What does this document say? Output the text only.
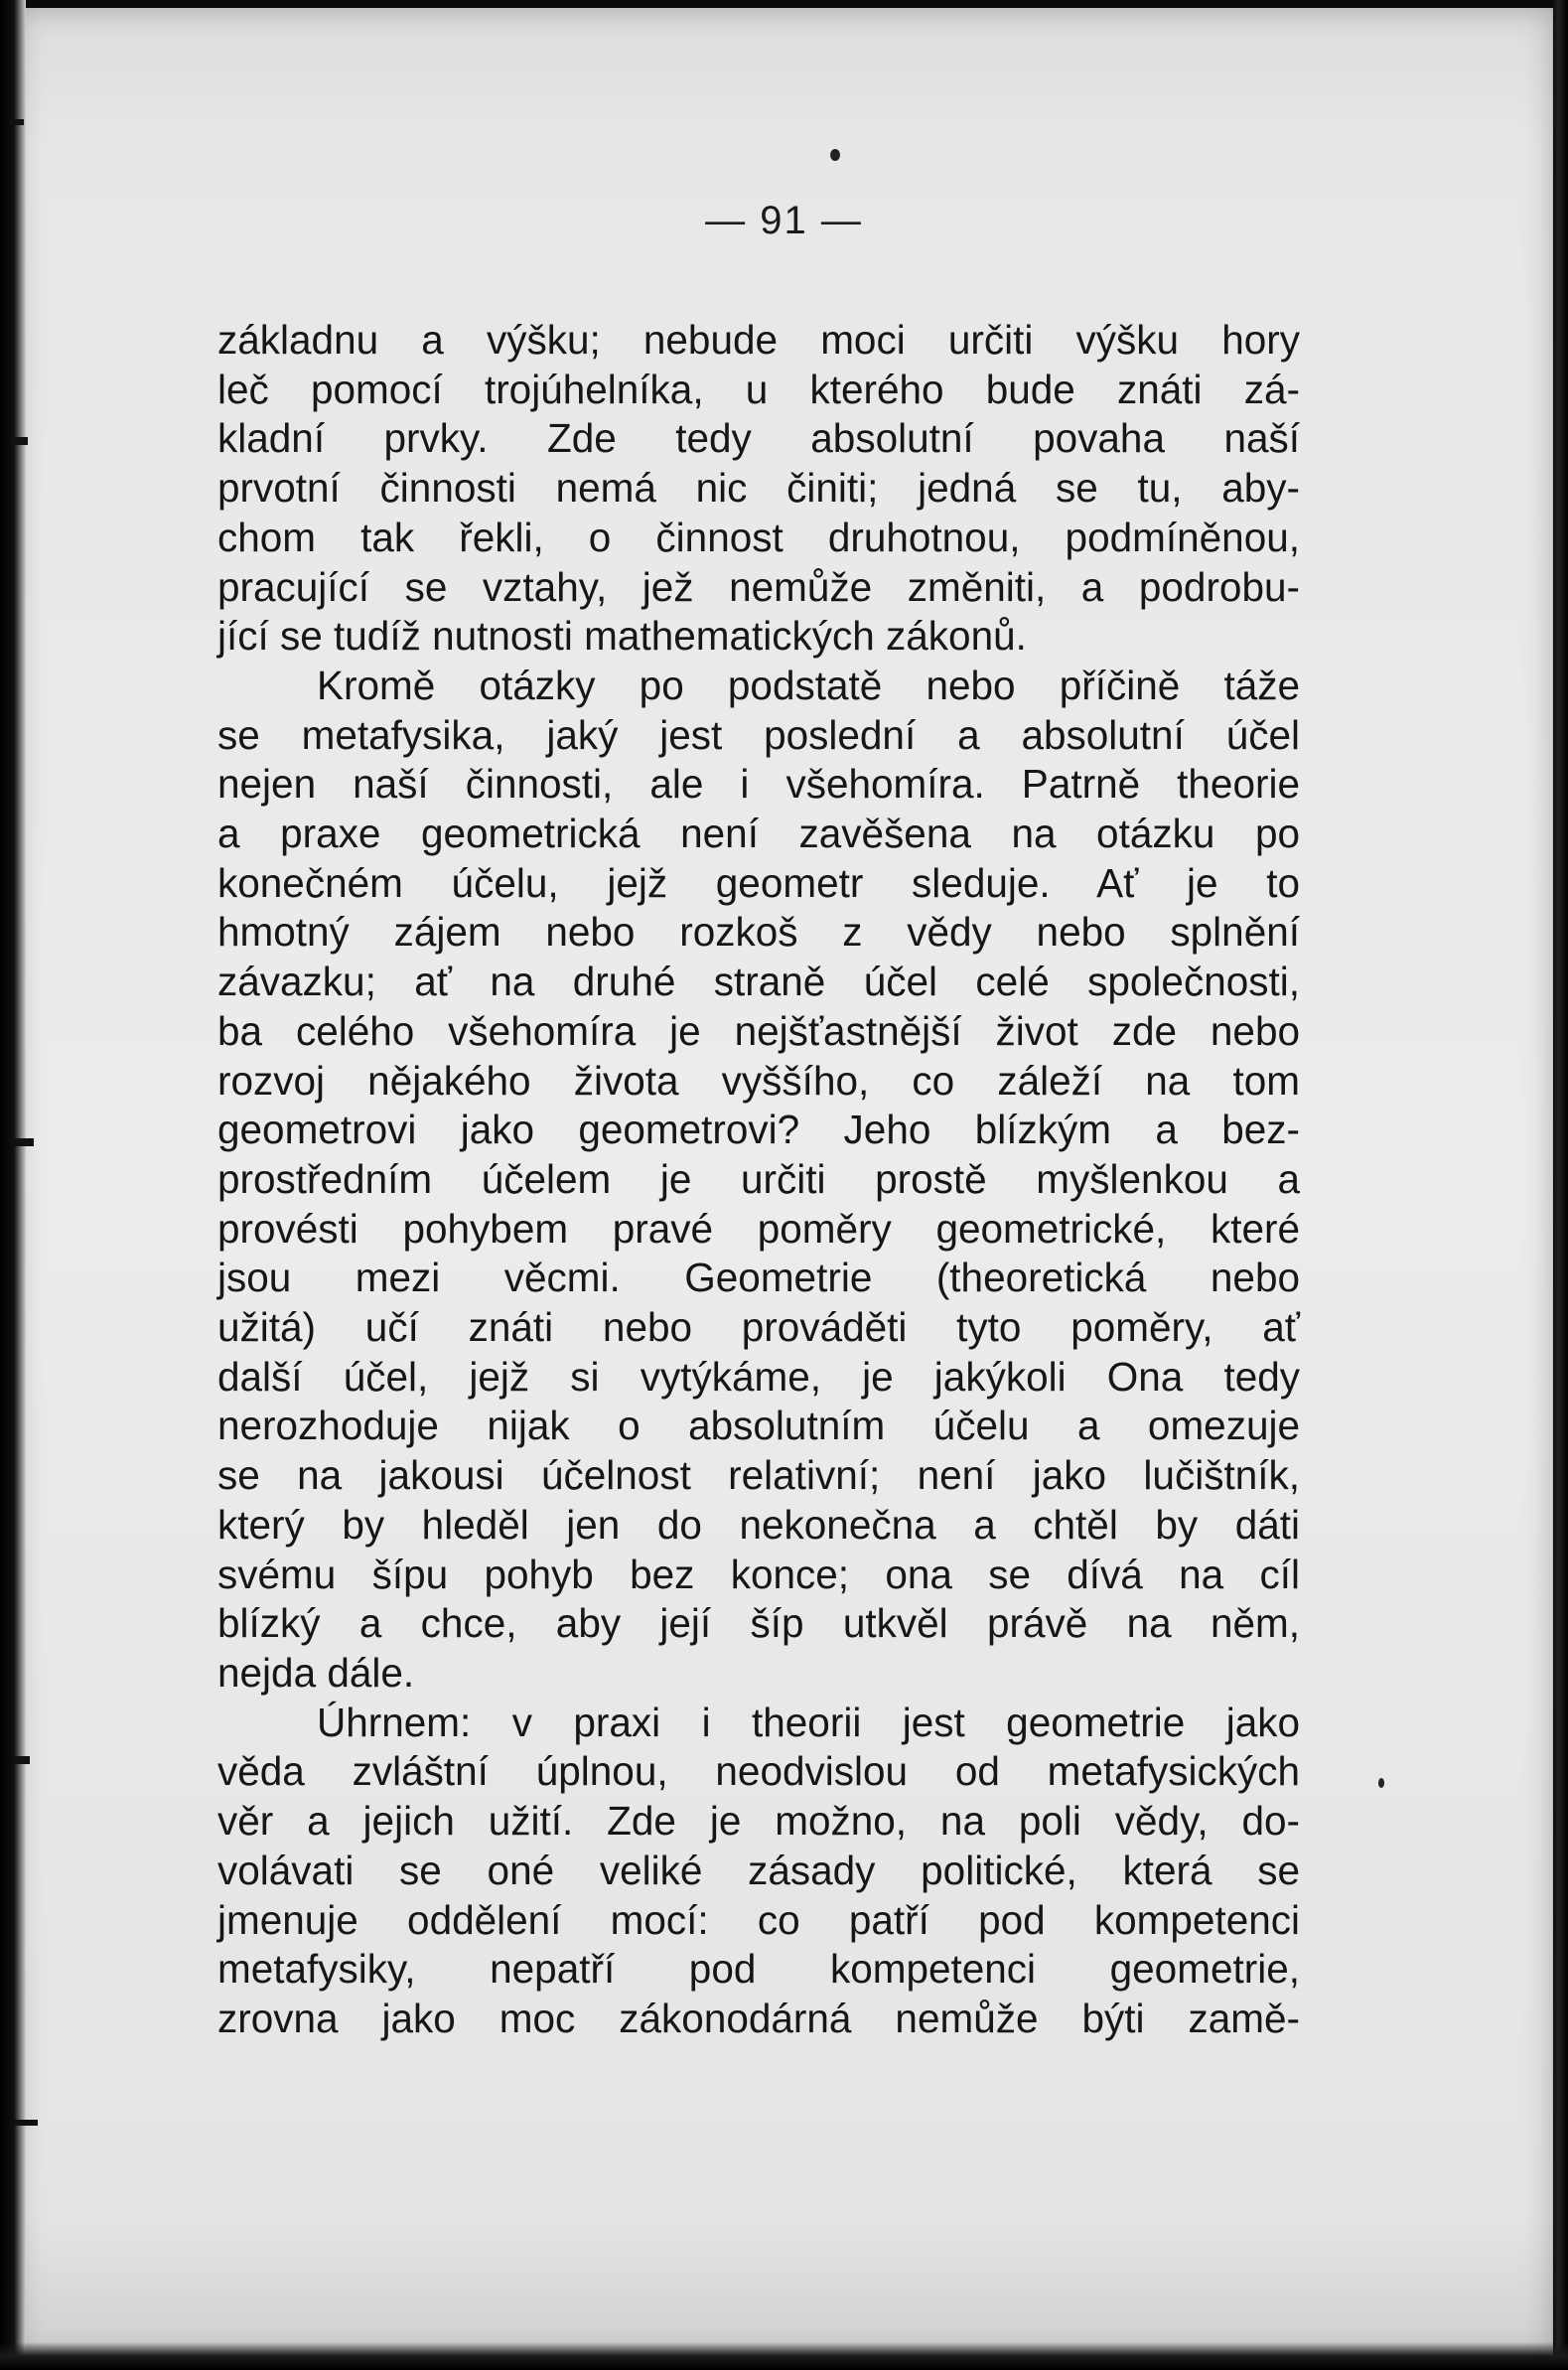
— 91 —
základnu a výšku; nebude moci určiti výšku hory
leč pomocí trojúhelníka, u kterého bude znáti zá-
kladní prvky. Zde tedy absolutní povaha naší
prvotní činnosti nemá nic činiti; jedná se tu, aby-
chom tak řekli, o činnost druhotnou, podmíněnou,
pracující se vztahy, jež nemůže změniti, a podrobu-
jící se tudíž nutnosti mathematických zákonů.
Kromě otázky po podstatě nebo příčině táže
se metafysika, jaký jest poslední a absolutní účel
nejen naší činnosti, ale i všehomíra. Patrně theorie
a praxe geometrická není zavěšena na otázku po
konečném účelu, jejž geometr sleduje. Ať je to
hmotný zájem nebo rozkoš z vědy nebo splnění
závazku; ať na druhé straně účel celé společnosti,
ba celého všehomíra je nejšťastnější život zde nebo
rozvoj nějakého života vyššího, co záleží na tom
geometrovi jako geometrovi? Jeho blízkým a bez-
prostředním účelem je určiti prostě myšlenkou a
provésti pohybem pravé poměry geometrické, které
jsou mezi věcmi. Geometrie (theoretická nebo
užitá) učí znáti nebo prováděti tyto poměry, ať
další účel, jejž si vytýkáme, je jakýkoli Ona tedy
nerozhoduje nijak o absolutním účelu a omezuje
se na jakousi účelnost relativní; není jako lučištník,
který by hleděl jen do nekonečna a chtěl by dáti
svému šípu pohyb bez konce; ona se dívá na cíl
blízký a chce, aby její šíp utkvěl právě na něm,
nejda dále.
Úhrnem: v praxi i theorii jest geometrie jako
věda zvláštní úplnou, neodvislou od metafysických
věr a jejich užití. Zde je možno, na poli vědy, do-
volávati se oné veliké zásady politické, která se
jmenuje oddělení mocí: co patří pod kompetenci
metafysiky, nepatří pod kompetenci geometrie,
zrovna jako moc zákonodárná nemůže býti zamě-
